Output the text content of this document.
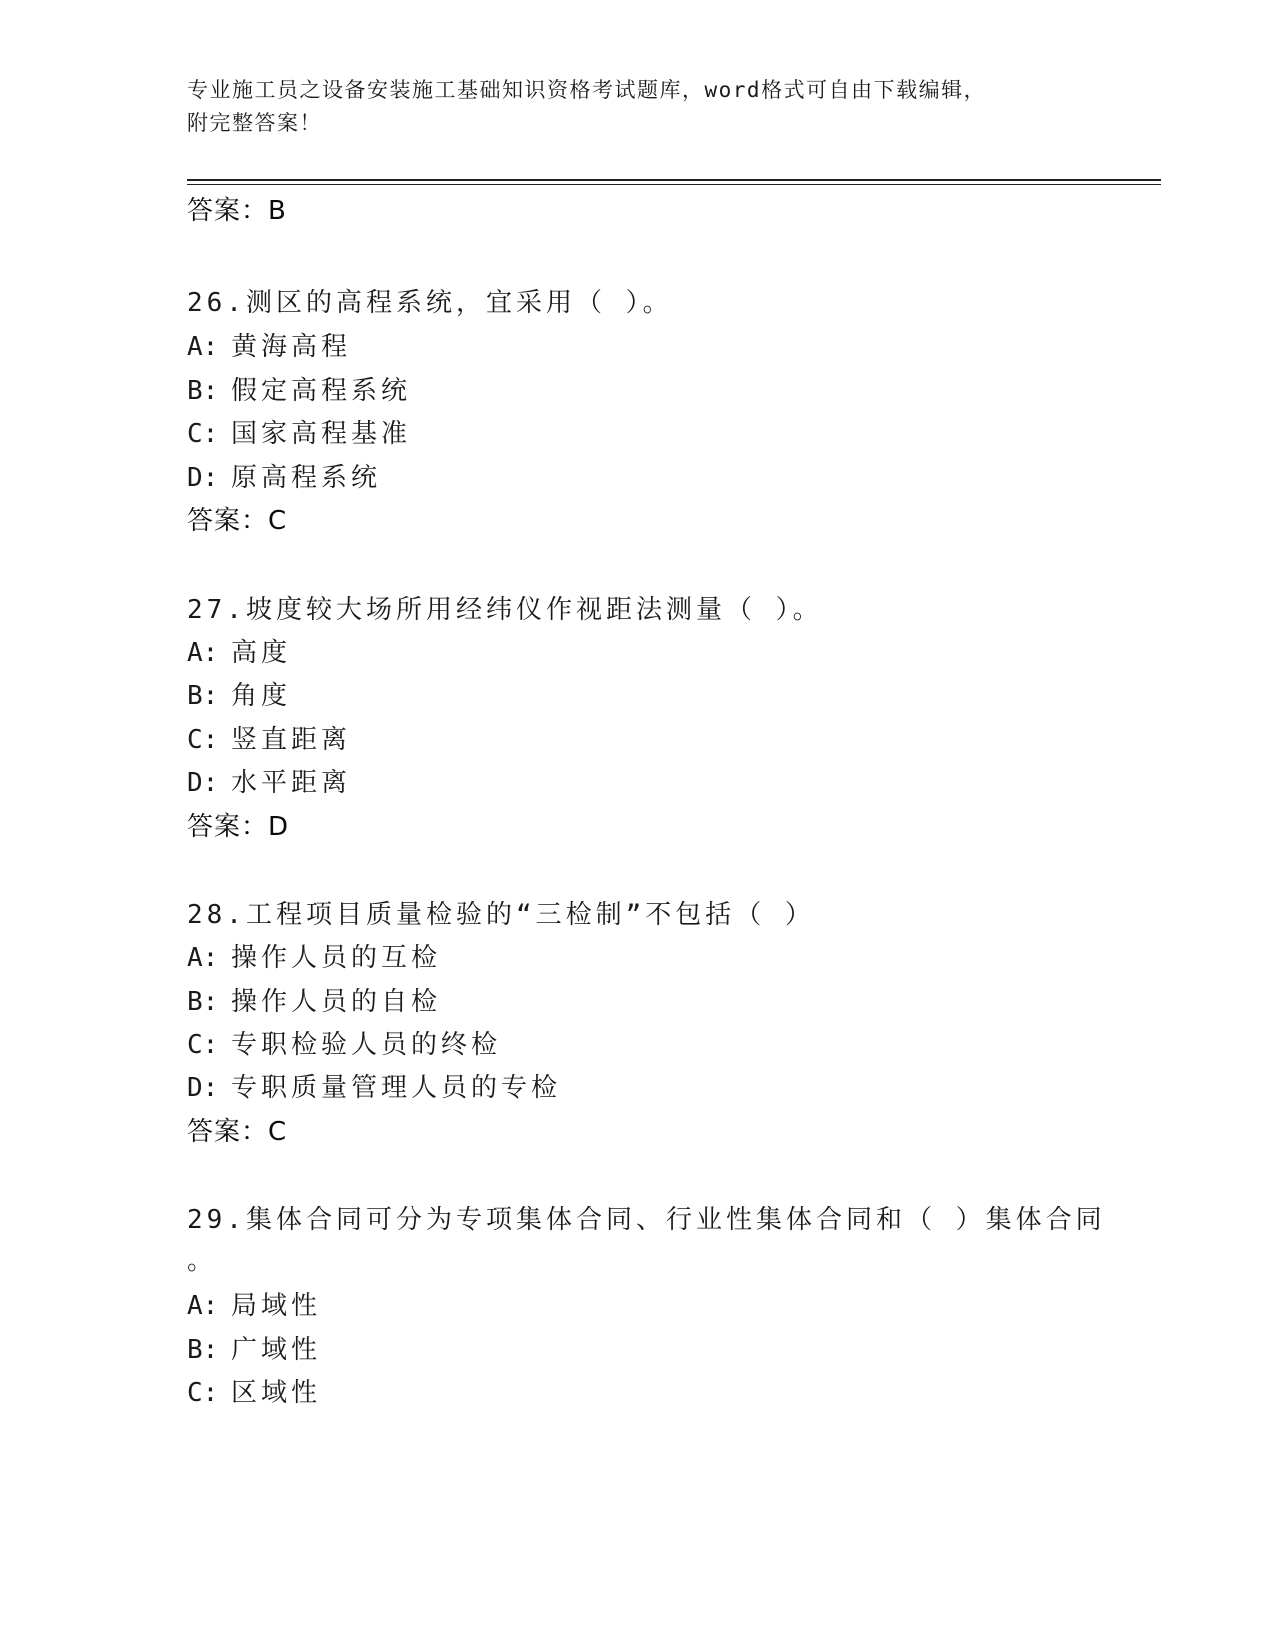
专业施工员之设备安装施工基础知识资格考试题库，word格式可自由下载编辑，
附完整答案！
答案：B
26.测区的高程系统，宜采用（ ）。
A: 黄海高程
B: 假定高程系统
C: 国家高程基准
D: 原高程系统
答案：C
27.坡度较大场所用经纬仪作视距法测量（ ）。
A: 高度
B: 角度
C: 竖直距离
D: 水平距离
答案：D
28.工程项目质量检验的“三检制”不包括（ ）
A: 操作人员的互检
B: 操作人员的自检
C: 专职检验人员的终检
D: 专职质量管理人员的专检
答案：C
29.集体合同可分为专项集体合同、行业性集体合同和（ ）集体合同
。
A: 局域性
B: 广域性
C: 区域性
